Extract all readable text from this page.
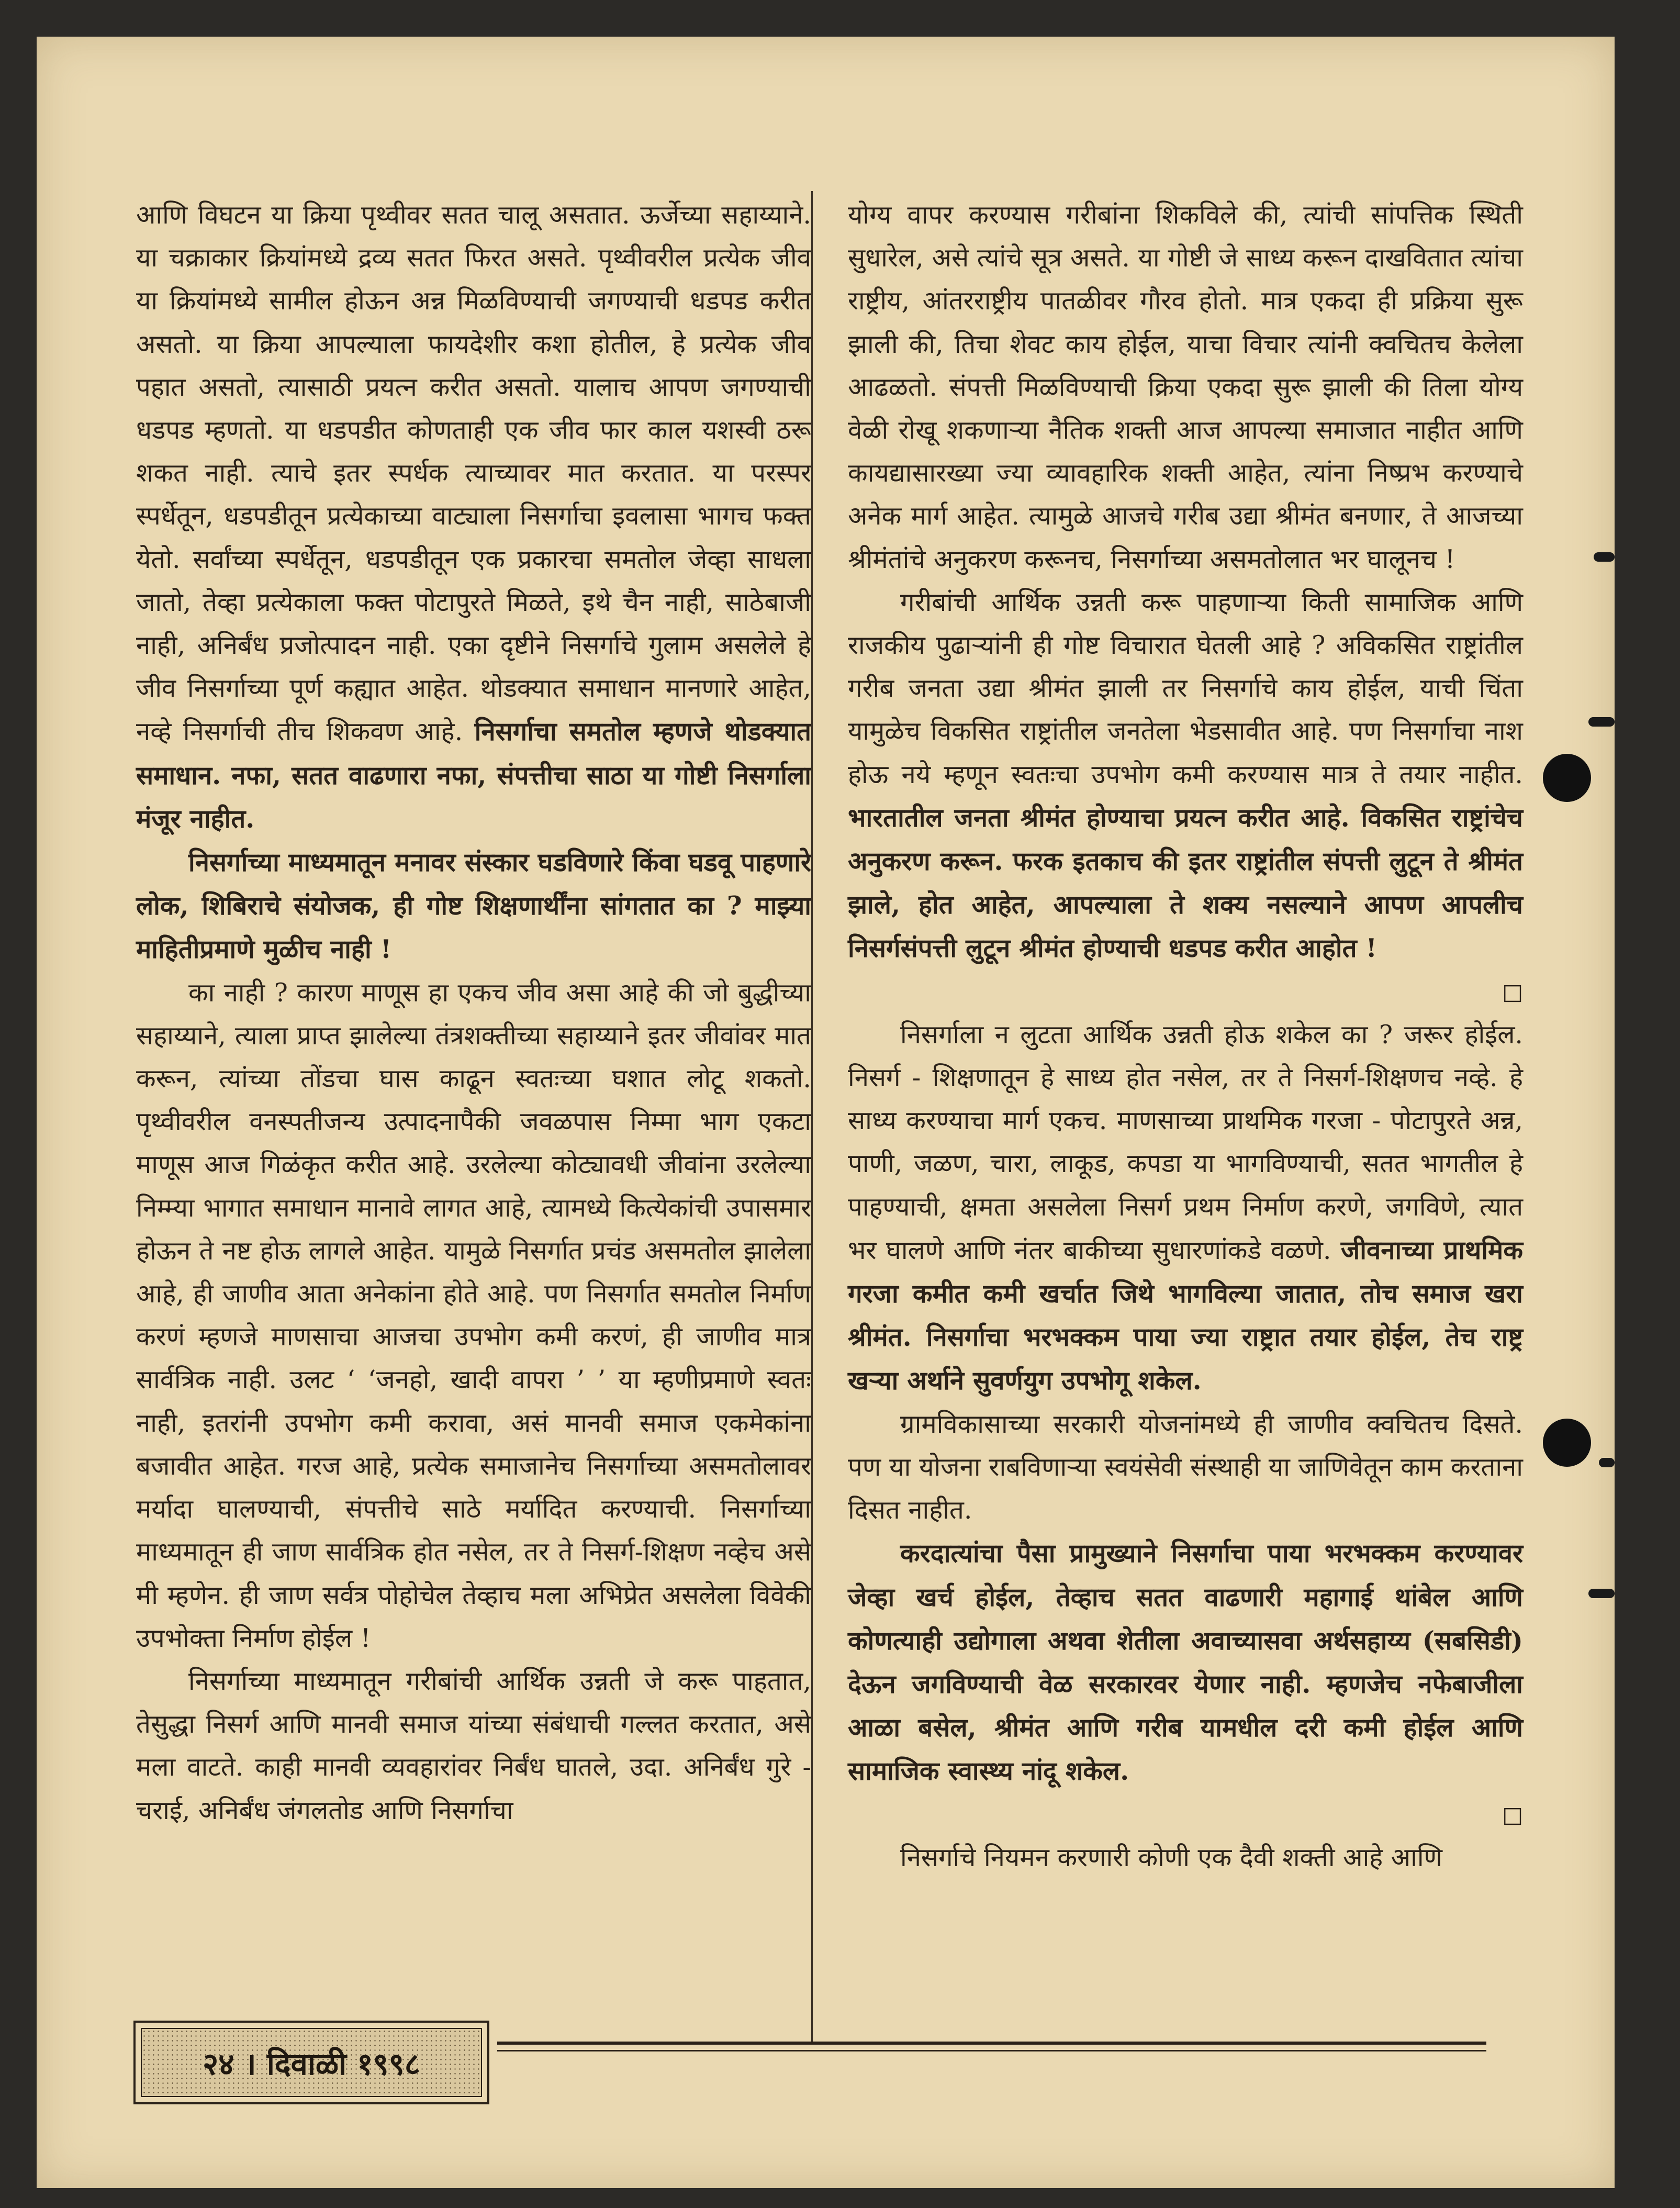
आणि विघटन या क्रिया पृथ्वीवर सतत चालू असतात. ऊर्जेच्या सहाय्याने. या चक्राकार क्रियांमध्ये द्रव्य सतत फिरत असते. पृथ्वीवरील प्रत्येक जीव या क्रियांमध्ये सामील होऊन अन्न मिळविण्याची जगण्याची धडपड करीत असतो. या क्रिया आपल्याला फायदेशीर कशा होतील, हे प्रत्येक जीव पहात असतो, त्यासाठी प्रयत्न करीत असतो. यालाच आपण जगण्याची धडपड म्हणतो. या धडपडीत कोणताही एक जीव फार काल यशस्वी ठरू शकत नाही. त्याचे इतर स्पर्धक त्याच्यावर मात करतात. या परस्पर स्पर्धेतून, धडपडीतून प्रत्येकाच्या वाट्याला निसर्गाचा इवलासा भागच फक्त येतो. सर्वांच्या स्पर्धेतून, धडपडीतून एक प्रकारचा समतोल जेव्हा साधला जातो, तेव्हा प्रत्येकाला फक्त पोटापुरते मिळते, इथे चैन नाही, साठेबाजी नाही, अनिर्बंध प्रजोत्पादन नाही. एका दृष्टीने निसर्गाचे गुलाम असलेले हे जीव निसर्गाच्या पूर्ण कह्यात आहेत. थोडक्यात समाधान मानणारे आहेत, नव्हे निसर्गाची तीच शिकवण आहे. निसर्गाचा समतोल म्हणजे थोडक्यात समाधान. नफा, सतत वाढणारा नफा, संपत्तीचा साठा या गोष्टी निसर्गाला मंजूर नाहीत.

निसर्गाच्या माध्यमातून मनावर संस्कार घडविणारे किंवा घडवू पाहणारे लोक, शिबिराचे संयोजक, ही गोष्ट शिक्षणार्थींना सांगतात का ? माझ्या माहितीप्रमाणे मुळीच नाही !

का नाही ? कारण माणूस हा एकच जीव असा आहे की जो बुद्धीच्या सहाय्याने, त्याला प्राप्त झालेल्या तंत्रशक्तीच्या सहाय्याने इतर जीवांवर मात करून, त्यांच्या तोंडचा घास काढून स्वतःच्या घशात लोटू शकतो. पृथ्वीवरील वनस्पतीजन्य उत्पादनापैकी जवळपास निम्मा भाग एकटा माणूस आज गिळंकृत करीत आहे. उरलेल्या कोट्यावधी जीवांना उरलेल्या निम्म्या भागात समाधान मानावे लागत आहे, त्यामध्ये कित्येकांची उपासमार होऊन ते नष्ट होऊ लागले आहेत. यामुळे निसर्गात प्रचंड असमतोल झालेला आहे, ही जाणीव आता अनेकांना होते आहे. पण निसर्गात समतोल निर्माण करणं म्हणजे माणसाचा आजचा उपभोग कमी करणं, ही जाणीव मात्र सार्वत्रिक नाही. उलट ‘ ‘जनहो, खादी वापरा ’ ’ या म्हणीप्रमाणे स्वतः नाही, इतरांनी उपभोग कमी करावा, असं मानवी समाज एकमेकांना बजावीत आहेत. गरज आहे, प्रत्येक समाजानेच निसर्गाच्या असमतोलावर मर्यादा घालण्याची, संपत्तीचे साठे मर्यादित करण्याची. निसर्गाच्या माध्यमातून ही जाण सार्वत्रिक होत नसेल, तर ते निसर्ग-शिक्षण नव्हेच असे मी म्हणेन. ही जाण सर्वत्र पोहोचेल तेव्हाच मला अभिप्रेत असलेला विवेकी उपभोक्ता निर्माण होईल !

निसर्गाच्या माध्यमातून गरीबांची आर्थिक उन्नती जे करू पाहतात, तेसुद्धा निसर्ग आणि मानवी समाज यांच्या संबंधाची गल्लत करतात, असे मला वाटते. काही मानवी व्यवहारांवर निर्बंध घातले, उदा. अनिर्बंध गुरे - चराई, अनिर्बंध जंगलतोड आणि निसर्गाचा

योग्य वापर करण्यास गरीबांना शिकविले की, त्यांची सांपत्तिक स्थिती सुधारेल, असे त्यांचे सूत्र असते. या गोष्टी जे साध्य करून दाखवितात त्यांचा राष्ट्रीय, आंतरराष्ट्रीय पातळीवर गौरव होतो. मात्र एकदा ही प्रक्रिया सुरू झाली की, तिचा शेवट काय होईल, याचा विचार त्यांनी क्वचितच केलेला आढळतो. संपत्ती मिळविण्याची क्रिया एकदा सुरू झाली की तिला योग्य वेळी रोखू शकणाऱ्या नैतिक शक्ती आज आपल्या समाजात नाहीत आणि कायद्यासारख्या ज्या व्यावहारिक शक्ती आहेत, त्यांना निष्प्रभ करण्याचे अनेक मार्ग आहेत. त्यामुळे आजचे गरीब उद्या श्रीमंत बनणार, ते आजच्या श्रीमंतांचे अनुकरण करूनच, निसर्गाच्या असमतोलात भर घालूनच !

गरीबांची आर्थिक उन्नती करू पाहणाऱ्या किती सामाजिक आणि राजकीय पुढाऱ्यांनी ही गोष्ट विचारात घेतली आहे ? अविकसित राष्ट्रांतील गरीब जनता उद्या श्रीमंत झाली तर निसर्गाचे काय होईल, याची चिंता यामुळेच विकसित राष्ट्रांतील जनतेला भेडसावीत आहे. पण निसर्गाचा नाश होऊ नये म्हणून स्वतःचा उपभोग कमी करण्यास मात्र ते तयार नाहीत. भारतातील जनता श्रीमंत होण्याचा प्रयत्न करीत आहे. विकसित राष्ट्रांचेच अनुकरण करून. फरक इतकाच की इतर राष्ट्रांतील संपत्ती लुटून ते श्रीमंत झाले, होत आहेत, आपल्याला ते शक्य नसल्याने आपण आपलीच निसर्गसंपत्ती लुटून श्रीमंत होण्याची धडपड करीत आहोत !

□

निसर्गाला न लुटता आर्थिक उन्नती होऊ शकेल का ? जरूर होईल. निसर्ग - शिक्षणातून हे साध्य होत नसेल, तर ते निसर्ग-शिक्षणच नव्हे. हे साध्य करण्याचा मार्ग एकच. माणसाच्या प्राथमिक गरजा - पोटापुरते अन्न, पाणी, जळण, चारा, लाकूड, कपडा या भागविण्याची, सतत भागतील हे पाहण्याची, क्षमता असलेला निसर्ग प्रथम निर्माण करणे, जगविणे, त्यात भर घालणे आणि नंतर बाकीच्या सुधारणांकडे वळणे. जीवनाच्या प्राथमिक गरजा कमीत कमी खर्चात जिथे भागविल्या जातात, तोच समाज खरा श्रीमंत. निसर्गाचा भरभक्कम पाया ज्या राष्ट्रात तयार होईल, तेच राष्ट्र खऱ्या अर्थाने सुवर्णयुग उपभोगू शकेल.

ग्रामविकासाच्या सरकारी योजनांमध्ये ही जाणीव क्वचितच दिसते. पण या योजना राबविणाऱ्या स्वयंसेवी संस्थाही या जाणिवेतून काम करताना दिसत नाहीत.

करदात्यांचा पैसा प्रामुख्याने निसर्गाचा पाया भरभक्कम करण्यावर जेव्हा खर्च होईल, तेव्हाच सतत वाढणारी महागाई थांबेल आणि कोणत्याही उद्योगाला अथवा शेतीला अवाच्यासवा अर्थसहाय्य (सबसिडी) देऊन जगविण्याची वेळ सरकारवर येणार नाही. म्हणजेच नफेबाजीला आळा बसेल, श्रीमंत आणि गरीब यामधील दरी कमी होईल आणि सामाजिक स्वास्थ्य नांदू शकेल.

□

निसर्गाचे नियमन करणारी कोणी एक दैवी शक्ती आहे आणि

२४ । दिवाळी १९९८
